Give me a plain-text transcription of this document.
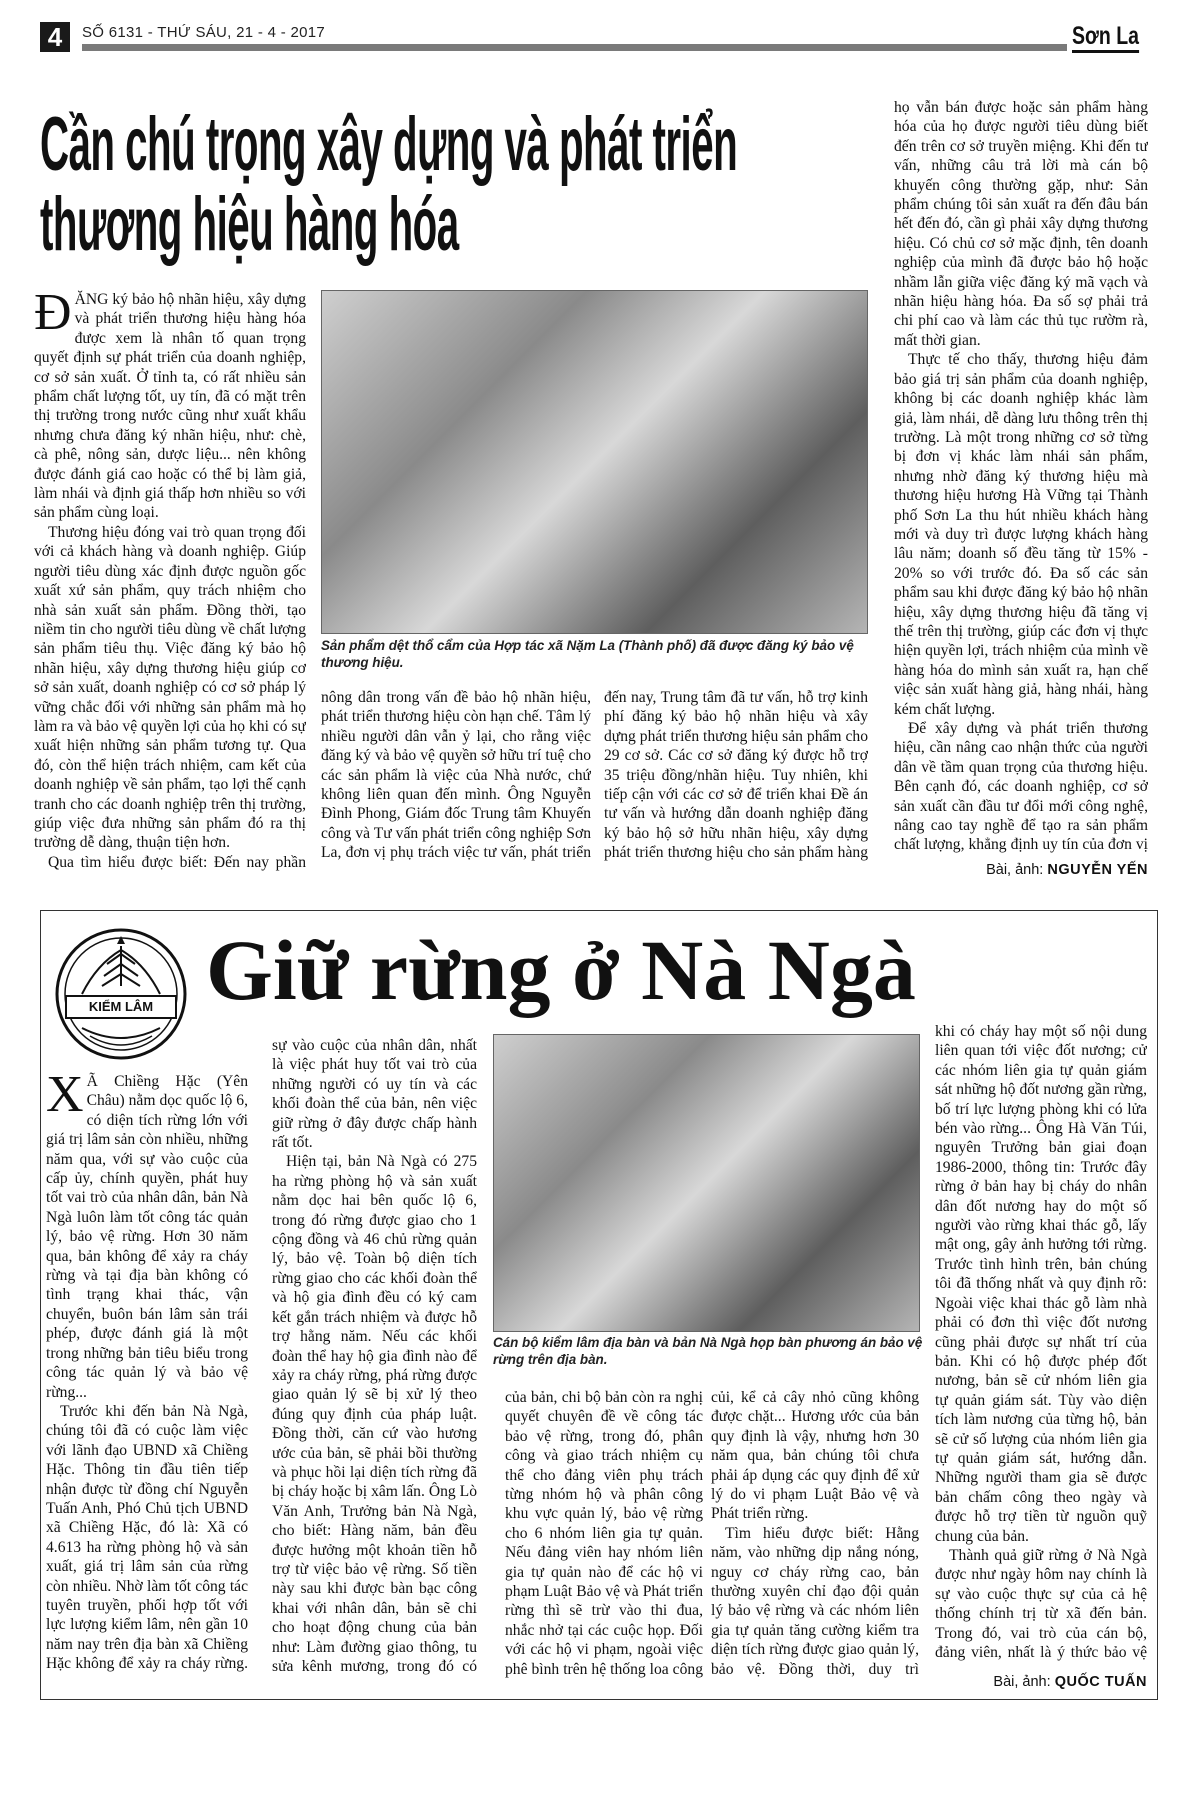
4	SỐ 6131 - THỨ SÁU, 21 - 4 - 2017	Sơn La
Cần chú trọng xây dựng và phát triển
thương hiệu hàng hóa

ĐĂNG ký bảo hộ nhãn hiệu, xây dựng và phát triển thương hiệu hàng hóa được xem là nhân tố quan trọng quyết định sự phát triển của doanh nghiệp, cơ sở sản xuất. Ở tỉnh ta, có rất nhiều sản phẩm chất lượng tốt, uy tín, đã có mặt trên thị trường trong nước cũng như xuất khẩu nhưng chưa đăng ký nhãn hiệu, như: chè, cà phê, nông sản, dược liệu... nên không được đánh giá cao hoặc có thể bị làm giả, làm nhái và định giá thấp hơn nhiều so với sản phẩm cùng loại.

Thương hiệu đóng vai trò quan trọng đối với cả khách hàng và doanh nghiệp. Giúp người tiêu dùng xác định được nguồn gốc xuất xứ sản phẩm, quy trách nhiệm cho nhà sản xuất sản phẩm. Đồng thời, tạo niềm tin cho người tiêu dùng về chất lượng sản phẩm tiêu thụ. Việc đăng ký bảo hộ nhãn hiệu, xây dựng thương hiệu giúp cơ sở sản xuất, doanh nghiệp có cơ sở pháp lý vững chắc đối với những sản phẩm mà họ làm ra và bảo vệ quyền lợi của họ khi có sự xuất hiện những sản phẩm tương tự. Qua đó, còn thể hiện trách nhiệm, cam kết của doanh nghiệp về sản phẩm, tạo lợi thế cạnh tranh cho các doanh nghiệp trên thị trường, giúp việc đưa những sản phẩm đó ra thị trường dễ dàng, thuận tiện hơn.

Qua tìm hiểu được biết: Đến nay phần

Sản phẩm dệt thổ cẩm của Hợp tác xã Nặm La (Thành phố) đã được đăng ký bảo vệ thương hiệu.

nông dân trong vấn đề bảo hộ nhãn hiệu, phát triển thương hiệu còn hạn chế. Tâm lý nhiều người dân vẫn ỷ lại, cho rằng việc đăng ký và bảo vệ quyền sở hữu trí tuệ cho các sản phẩm là việc của Nhà nước, chứ không liên quan đến mình. Ông Nguyễn Đình Phong, Giám đốc Trung tâm Khuyến công và Tư vấn phát triển công nghiệp Sơn La, đơn vị phụ trách việc tư vấn, phát triển

đến nay, Trung tâm đã tư vấn, hỗ trợ kinh phí đăng ký bảo hộ nhãn hiệu và xây dựng phát triển thương hiệu sản phẩm cho 29 cơ sở. Các cơ sở đăng ký được hỗ trợ 35 triệu đồng/nhãn hiệu. Tuy nhiên, khi tiếp cận với các cơ sở để triển khai Đề án tư vấn và hướng dẫn doanh nghiệp đăng ký bảo hộ sở hữu nhãn hiệu, xây dựng phát triển thương hiệu cho sản phẩm hàng

họ vẫn bán được hoặc sản phẩm hàng hóa của họ được người tiêu dùng biết đến trên cơ sở truyền miệng. Khi đến tư vấn, những câu trả lời mà cán bộ khuyến công thường gặp, như: Sản phẩm chúng tôi sản xuất ra đến đâu bán hết đến đó, cần gì phải xây dựng thương hiệu. Có chủ cơ sở mặc định, tên doanh nghiệp của mình đã được bảo hộ hoặc nhầm lẫn giữa việc đăng ký mã vạch và nhãn hiệu hàng hóa. Đa số sợ phải trả chi phí cao và làm các thủ tục rườm rà, mất thời gian.

Thực tế cho thấy, thương hiệu đảm bảo giá trị sản phẩm của doanh nghiệp, không bị các doanh nghiệp khác làm giả, làm nhái, dễ dàng lưu thông trên thị trường. Là một trong những cơ sở từng bị đơn vị khác làm nhái sản phẩm, nhưng nhờ đăng ký thương hiệu mà thương hiệu hương Hà Vững tại Thành phố Sơn La thu hút nhiều khách hàng mới và duy trì được lượng khách hàng lâu năm; doanh số đều tăng từ 15% - 20% so với trước đó. Đa số các sản phẩm sau khi được đăng ký bảo hộ nhãn hiệu, xây dựng thương hiệu đã tăng vị thế trên thị trường, giúp các đơn vị thực hiện quyền lợi, trách nhiệm của mình về hàng hóa do mình sản xuất ra, hạn chế việc sản xuất hàng giả, hàng nhái, hàng kém chất lượng.

Để xây dựng và phát triển thương hiệu, cần nâng cao nhận thức của người dân về tầm quan trọng của thương hiệu. Bên cạnh đó, các doanh nghiệp, cơ sở sản xuất cần đầu tư đổi mới công nghệ, nâng cao tay nghề để tạo ra sản phẩm chất lượng, khẳng định uy tín của đơn vị

Bài, ảnh: NGUYỄN YẾN
KIỂM LÂM Giữ rừng ở Nà Ngà

X Ã Chiềng Hặc (Yên Châu) nằm dọc quốc lộ 6, có diện tích rừng lớn với giá trị lâm sản còn nhiều, những năm qua, với sự vào cuộc của cấp ủy, chính quyền, phát huy tốt vai trò của nhân dân, bản Nà Ngà luôn làm tốt công tác quản lý, bảo vệ rừng. Hơn 30 năm qua, bản không để xảy ra cháy rừng và tại địa bàn không có tình trạng khai thác, vận chuyển, buôn bán lâm sản trái phép, được đánh giá là một trong những bản tiêu biểu trong công tác quản lý và bảo vệ rừng...

Trước khi đến bản Nà Ngà, chúng tôi đã có cuộc làm việc với lãnh đạo UBND xã Chiềng Hặc. Thông tin đầu tiên tiếp nhận được từ đồng chí Nguyễn Tuấn Anh, Phó Chủ tịch UBND xã Chiềng Hặc, đó là: Xã có 4.613 ha rừng phòng hộ và sản xuất, giá trị lâm sản của rừng còn nhiều. Nhờ làm tốt công tác tuyên truyền, phối hợp tốt với lực lượng kiểm lâm, nên gần 10 năm nay trên địa bàn xã Chiềng Hặc không để xảy ra cháy rừng.

sự vào cuộc của nhân dân, nhất là việc phát huy tốt vai trò của những người có uy tín và các khối đoàn thể của bản, nên việc giữ rừng ở đây được chấp hành rất tốt.

Hiện tại, bản Nà Ngà có 275 ha rừng phòng hộ và sản xuất nằm dọc hai bên quốc lộ 6, trong đó rừng được giao cho 1 cộng đồng và 46 chủ rừng quản lý, bảo vệ. Toàn bộ diện tích rừng giao cho các khối đoàn thể và hộ gia đình đều có ký cam kết gắn trách nhiệm và được hỗ trợ hằng năm. Nếu các khối đoàn thể hay hộ gia đình nào để xảy ra cháy rừng, phá rừng được giao quản lý sẽ bị xử lý theo đúng quy định của pháp luật. Đồng thời, căn cứ vào hương ước của bản, sẽ phải bồi thường và phục hồi lại diện tích rừng đã bị cháy hoặc bị xâm lấn. Ông Lò Văn Anh, Trưởng bản Nà Ngà, cho biết: Hàng năm, bản đều được hưởng một khoản tiền hỗ trợ từ việc bảo vệ rừng. Số tiền này sau khi được bàn bạc công khai với nhân dân, bản sẽ chi cho hoạt động chung của bản như: Làm đường giao thông, tu sửa kênh mương, trong đó có

Cán bộ kiểm lâm địa bàn và bản Nà Ngà họp bàn phương án bảo vệ rừng trên địa bàn.

của bản, chi bộ bản còn ra nghị quyết chuyên đề về công tác bảo vệ rừng, trong đó, phân công và giao trách nhiệm cụ thể cho đảng viên phụ trách từng nhóm hộ và phân công khu vực quản lý, bảo vệ rừng cho 6 nhóm liên gia tự quản. Nếu đảng viên hay nhóm liên gia tự quản nào để các hộ vi phạm Luật Bảo vệ và Phát triển rừng thì sẽ trừ vào thi đua, nhắc nhở tại các cuộc họp. Đối với các hộ vi phạm, ngoài việc phê bình trên hệ thống loa công

củi, kể cả cây nhỏ cũng không được chặt... Hương ước của bản quy định là vậy, nhưng hơn 30 năm qua, bản chúng tôi chưa phải áp dụng các quy định để xử lý do vi phạm Luật Bảo vệ và Phát triển rừng.

Tìm hiểu được biết: Hằng năm, vào những dịp nắng nóng, nguy cơ cháy rừng cao, bản thường xuyên chỉ đạo đội quản lý bảo vệ rừng và các nhóm liên gia tự quản tăng cường kiểm tra diện tích rừng được giao quản lý, bảo vệ. Đồng thời, duy trì

khi có cháy hay một số nội dung liên quan tới việc đốt nương; cử các nhóm liên gia tự quản giám sát những hộ đốt nương gần rừng, bố trí lực lượng phòng khi có lửa bén vào rừng... Ông Hà Văn Túi, nguyên Trưởng bản giai đoạn 1986-2000, thông tin: Trước đây rừng ở bản hay bị cháy do nhân dân đốt nương hay do một số người vào rừng khai thác gỗ, lấy mật ong, gây ảnh hưởng tới rừng. Trước tình hình trên, bản chúng tôi đã thống nhất và quy định rõ: Ngoài việc khai thác gỗ làm nhà phải có đơn thì việc đốt nương cũng phải được sự nhất trí của bản. Khi có hộ được phép đốt nương, bản sẽ cử nhóm liên gia tự quản giám sát. Tùy vào diện tích làm nương của từng hộ, bản sẽ cử số lượng của nhóm liên gia tự quản giám sát, hướng dẫn. Những người tham gia sẽ được bản chấm công theo ngày và được hỗ trợ tiền từ nguồn quỹ chung của bản.

Thành quả giữ rừng ở Nà Ngà được như ngày hôm nay chính là sự vào cuộc thực sự của cả hệ thống chính trị từ xã đến bản. Trong đó, vai trò của cán bộ, đảng viên, nhất là ý thức bảo vệ

Bài, ảnh: QUỐC TUẤN
